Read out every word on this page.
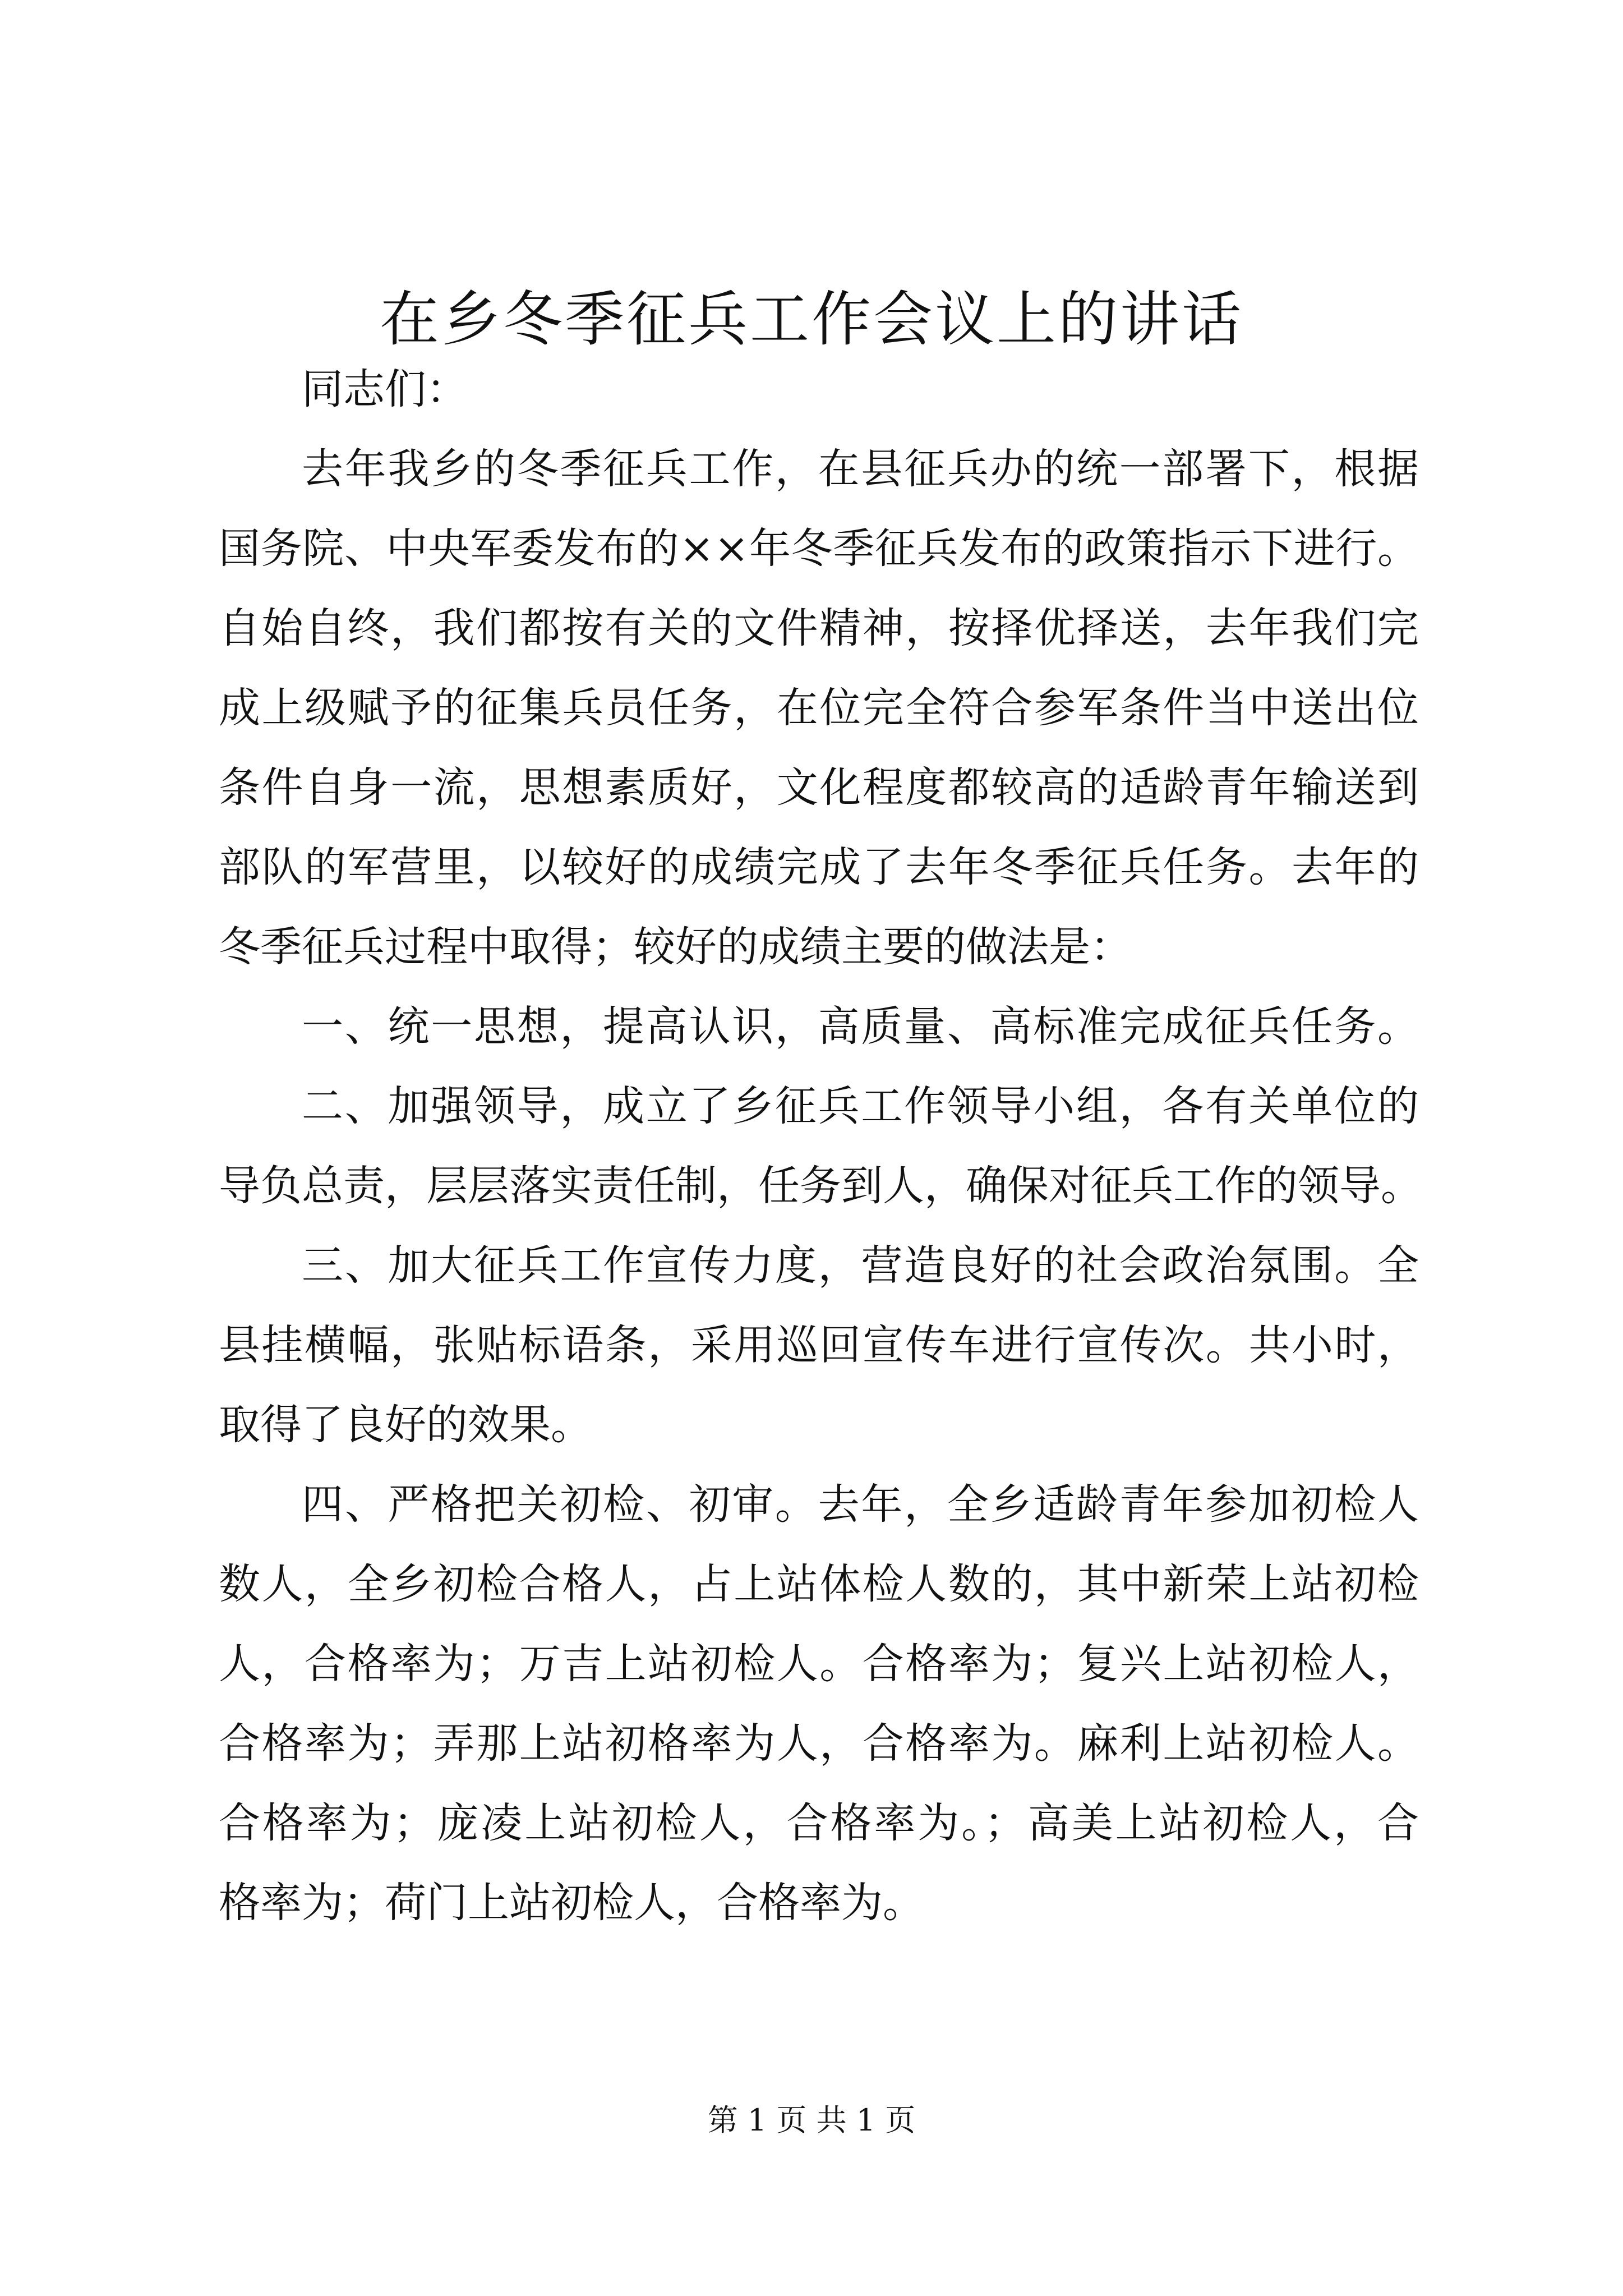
在乡冬季征兵工作会议上的讲话
同志们：
去年我乡的冬季征兵工作，在县征兵办的统一部署下，根据
国务院、中央军委发布的××年冬季征兵发布的政策指示下进行。
自始自终，我们都按有关的文件精神，按择优择送，去年我们完
成上级赋予的征集兵员任务，在位完全符合参军条件当中送出位
条件自身一流，思想素质好，文化程度都较高的适龄青年输送到
部队的军营里，以较好的成绩完成了去年冬季征兵任务。去年的
冬季征兵过程中取得；较好的成绩主要的做法是：
一、统一思想，提高认识，高质量、高标准完成征兵任务。
二、加强领导，成立了乡征兵工作领导小组，各有关单位的
导负总责，层层落实责任制，任务到人，确保对征兵工作的领导。
三、加大征兵工作宣传力度，营造良好的社会政治氛围。全
县挂横幅，张贴标语条，采用巡回宣传车进行宣传次。共小时，
取得了良好的效果。
四、严格把关初检、初审。去年，全乡适龄青年参加初检人
数人，全乡初检合格人，占上站体检人数的，其中新荣上站初检
人，合格率为；万吉上站初检人。合格率为；复兴上站初检人，
合格率为；弄那上站初格率为人，合格率为。麻利上站初检人。
合格率为；庞凌上站初检人，合格率为。；高美上站初检人，合
格率为；荷门上站初检人，合格率为。
第 1 页 共 1 页
